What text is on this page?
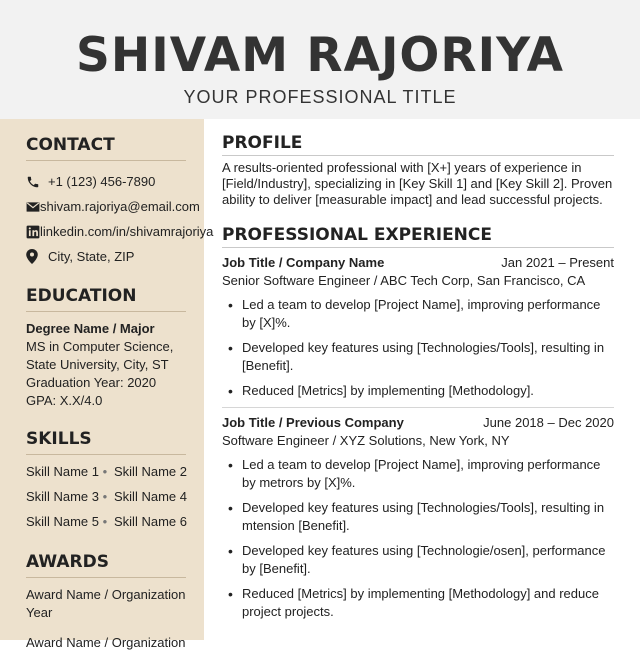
SHIVAM RAJORIYA
YOUR PROFESSIONAL TITLE
CONTACT
+1 (123) 456-7890
shivam.rajoriya@email.com
linkedin.com/in/shivamrajoriya
City, State, ZIP
EDUCATION
Degree Name / Major
MS in Computer Science,
State University, City, ST
Graduation Year: 2020
GPA: X.X/4.0
SKILLS
Skill Name 1 • Skill Name 2
Skill Name 3 • Skill Name 4
Skill Name 5 • Skill Name 6
AWARDS
Award Name / Organization Year
Award Name / Organization
PROFILE
A results-oriented professional with [X+] years of experience in [Field/Industry], specializing in [Key Skill 1] and [Key Skill 2]. Proven ability to deliver [measurable impact] and lead successful projects.
PROFESSIONAL EXPERIENCE
Job Title / Company Name	Jan 2021 – Present
Senior Software Engineer / ABC Tech Corp, San Francisco, CA
• Led a team to develop [Project Name], improving performance by [X]%.
• Developed key features using [Technologies/Tools], resulting in [Benefit].
• Reduced [Metrics] by implementing [Methodology].
Job Title / Previous Company	June 2018 – Dec 2020
Software Engineer / XYZ Solutions, New York, NY
• Led a team to develop [Project Name], improving performance by metrors by [X]%.
• Developed key features using [Technologies/Tools], resulting in mtension [Benefit].
• Developed key features using [Technologie/osen], performance by [Benefit].
• Reduced [Metrics] by implementing [Methodology] and reduce project projects.
